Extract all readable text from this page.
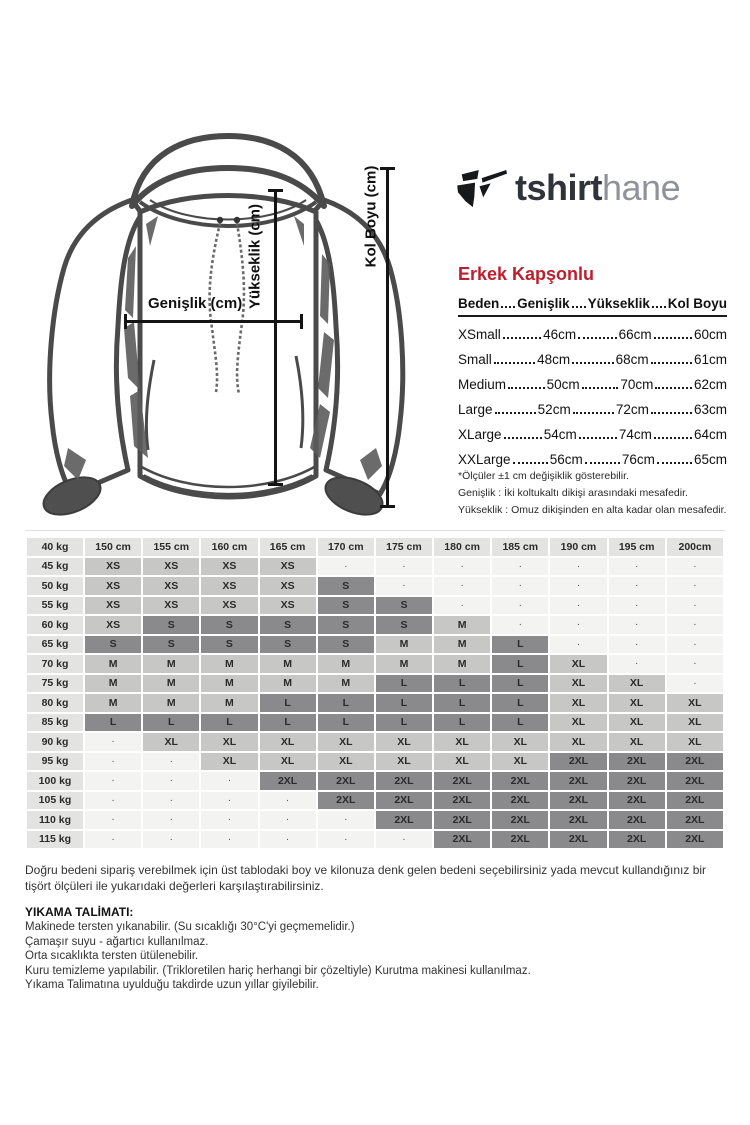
Genişlik (cm) Yükseklik (cm)	Kol Boyu (cm)	tshirthane
Erkek Kapşonlu
Beden Genişlik Yükseklik Kol Boyu
XSmall	46cm	66cm	60cm
Small	48cm	68cm	61cm
Medium	50cm	70cm	62cm
Large	52cm	72cm	63cm
XLarge	54cm	74cm	64cm
XXLarge	56cm	76cm	65cm

*Ölçüler ±1 cm değişiklik gösterebilir.

Genişlik : İki koltukaltı dikişi arasındaki mesafedir.

Yükseklik : Omuz dikişinden en alta kadar olan mesafedir.

40 kg	150 cm	155 cm	160 cm	165 cm	170 cm	175 cm	180 cm	185 cm	190 cm	195 cm	200cm
45 kg	XS	XS	XS	XS	·	·	·	·	·	·	·
50 kg	XS	XS	XS	XS	S	·	·	·	·	·	·
55 kg	XS	XS	XS	XS	S	S	·	·	·	·	·
60 kg	XS	S	S	S	S	S	M	·	·	·	·
65 kg	S	S	S	S	S	M	M	L	·	·	·
70 kg	M	M	M	M	M	M	M	L	XL	·	·
75 kg	M	M	M	M	M	L	L	L	XL	XL	·
80 kg	M	M	M	L	L	L	L	L	XL	XL	XL
85 kg	L	L	L	L	L	L	L	L	XL	XL	XL
90 kg	·	XL	XL	XL	XL	XL	XL	XL	XL	XL	XL
95 kg	·	·	XL	XL	XL	XL	XL	XL	2XL	2XL	2XL
100 kg	·	·	·	2XL	2XL	2XL	2XL	2XL	2XL	2XL	2XL
105 kg	·	·	·	·	2XL	2XL	2XL	2XL	2XL	2XL	2XL
110 kg	·	·	·	·	·	2XL	2XL	2XL	2XL	2XL	2XL
115 kg	·	·	·	·	·	·	2XL	2XL	2XL	2XL	2XL
Doğru bedeni sipariş verebilmek için üst tablodaki boy ve kilonuza denk gelen bedeni seçebilirsiniz yada mevcut kullandığınız bir tişört ölçüleri ile yukarıdaki değerleri karşılaştırabilirsiniz.
YIKAMA TALİMATI:

Makinede tersten yıkanabilir. (Su sıcaklığı 30°C'yi geçmemelidir.)

Çamaşır suyu - ağartıcı kullanılmaz.

Orta sıcaklıkta tersten ütülenebilir.

Kuru temizleme yapılabilir. (Trikloretilen hariç herhangi bir çözeltiyle) Kurutma makinesi kullanılmaz.

Yıkama Talimatına uyulduğu takdirde uzun yıllar giyilebilir.
